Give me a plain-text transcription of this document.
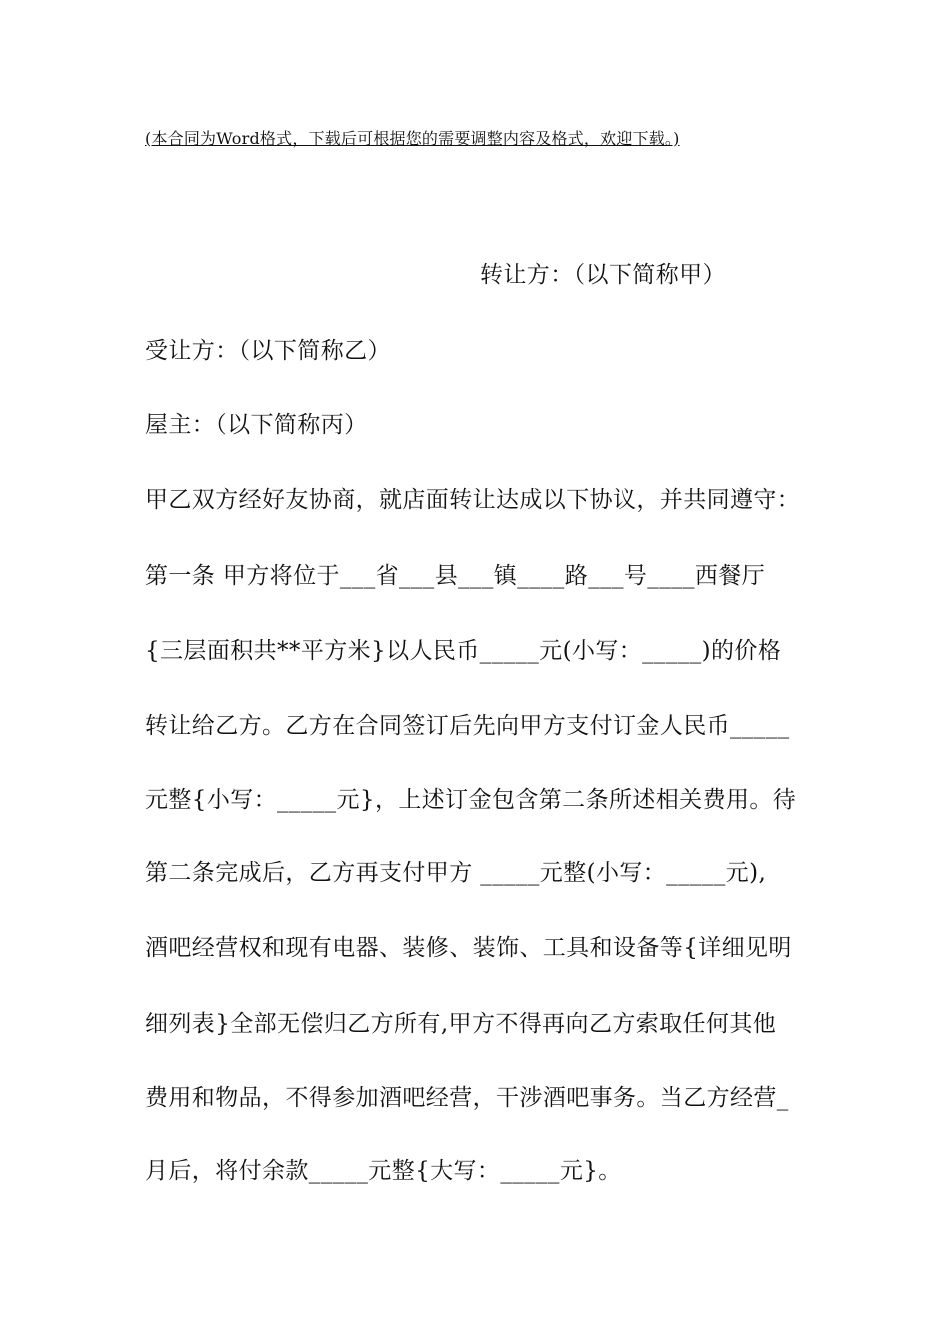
(本合同为Word格式，下载后可根据您的需要调整内容及格式，欢迎下载。)
转让方：（以下简称甲）
受让方：（以下简称乙）
屋主：（以下简称丙）
甲乙双方经好友协商，就店面转让达成以下协议，并共同遵守：
第一条 甲方将位于___省___县___镇____路___号____西餐厅
{三层面积共**平方米}以人民币_____元(小写：_____)的价格
转让给乙方。乙方在合同签订后先向甲方支付订金人民币_____
元整{小写：_____元}，上述订金包含第二条所述相关费用。待
第二条完成后，乙方再支付甲方 _____元整(小写：_____元),
酒吧经营权和现有电器、装修、装饰、工具和设备等{详细见明
细列表}全部无偿归乙方所有,甲方不得再向乙方索取任何其他
费用和物品，不得参加酒吧经营，干涉酒吧事务。当乙方经营_
月后，将付余款_____元整{大写：_____元}。
